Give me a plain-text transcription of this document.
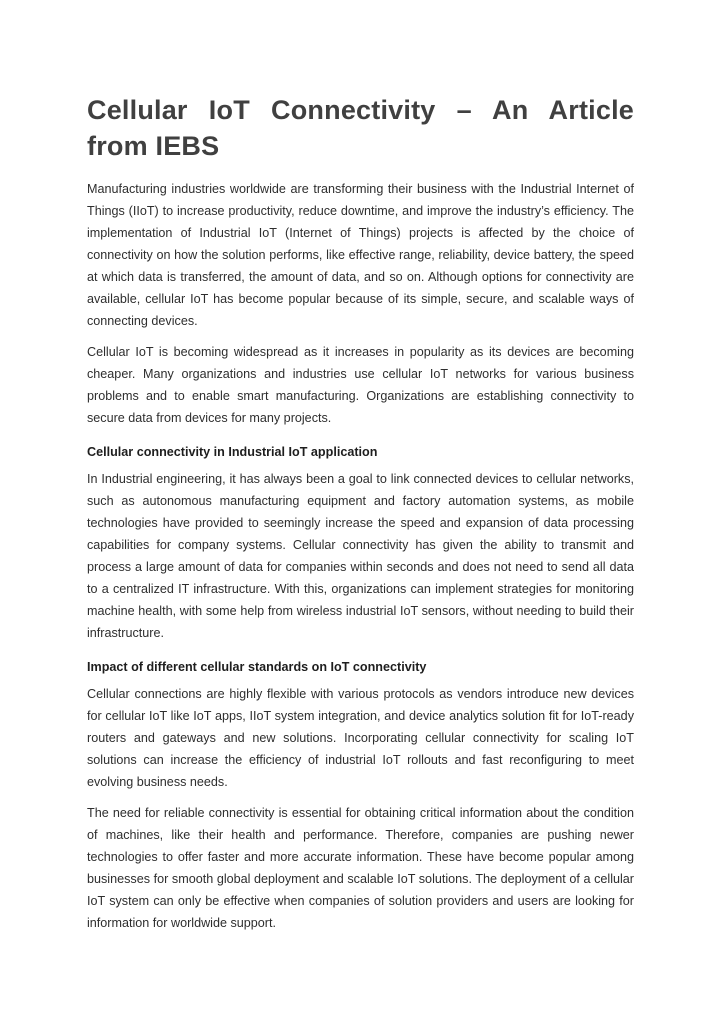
Cellular IoT Connectivity – An Article from IEBS

Manufacturing industries worldwide are transforming their business with the Industrial Internet of Things (IIoT) to increase productivity, reduce downtime, and improve the industry’s efficiency. The implementation of Industrial IoT (Internet of Things) projects is affected by the choice of connectivity on how the solution performs, like effective range, reliability, device battery, the speed at which data is transferred, the amount of data, and so on. Although options for connectivity are available, cellular IoT has become popular because of its simple, secure, and scalable ways of connecting devices.

Cellular IoT is becoming widespread as it increases in popularity as its devices are becoming cheaper. Many organizations and industries use cellular IoT networks for various business problems and to enable smart manufacturing. Organizations are establishing connectivity to secure data from devices for many projects.

Cellular connectivity in Industrial IoT application

In Industrial engineering, it has always been a goal to link connected devices to cellular networks, such as autonomous manufacturing equipment and factory automation systems, as mobile technologies have provided to seemingly increase the speed and expansion of data processing capabilities for company systems. Cellular connectivity has given the ability to transmit and process a large amount of data for companies within seconds and does not need to send all data to a centralized IT infrastructure. With this, organizations can implement strategies for monitoring machine health, with some help from wireless industrial IoT sensors, without needing to build their infrastructure.

Impact of different cellular standards on IoT connectivity

Cellular connections are highly flexible with various protocols as vendors introduce new devices for cellular IoT like IoT apps, IIoT system integration, and device analytics solution fit for IoT-ready routers and gateways and new solutions. Incorporating cellular connectivity for scaling IoT solutions can increase the efficiency of industrial IoT rollouts and fast reconfiguring to meet evolving business needs.

The need for reliable connectivity is essential for obtaining critical information about the condition of machines, like their health and performance. Therefore, companies are pushing newer technologies to offer faster and more accurate information. These have become popular among businesses for smooth global deployment and scalable IoT solutions. The deployment of a cellular IoT system can only be effective when companies of solution providers and users are looking for information for worldwide support.
